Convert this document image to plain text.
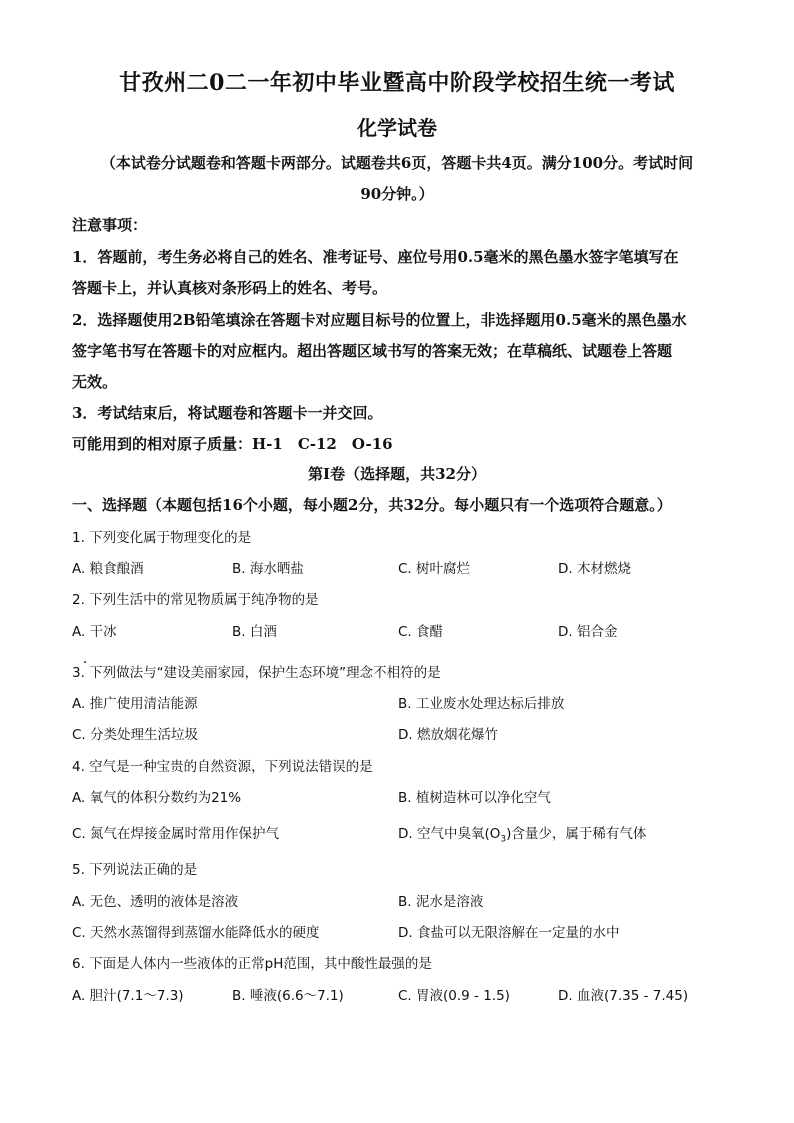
甘孜州二0二一年初中毕业暨高中阶段学校招生统一考试
化学试卷
（本试卷分试题卷和答题卡两部分。试题卷共6页，答题卡共4页。满分100分。考试时间
90分钟。）
注意事项：
1．答题前，考生务必将自己的姓名、准考证号、座位号用0.5毫米的黑色墨水签字笔填写在
答题卡上，并认真核对条形码上的姓名、考号。
2．选择题使用2B铅笔填涂在答题卡对应题目标号的位置上，非选择题用0.5毫米的黑色墨水
签字笔书写在答题卡的对应框内。超出答题区域书写的答案无效；在草稿纸、试题卷上答题
无效。
3．考试结束后，将试题卷和答题卡一并交回。
可能用到的相对原子质量：H-1　C-12　O-16
第Ⅰ卷（选择题，共32分）
一、选择题（本题包括16个小题，每小题2分，共32分。每小题只有一个选项符合题意。）
1. 下列变化属于物理变化的是
A. 粮食酿酒	B. 海水晒盐	C. 树叶腐烂	D. 木材燃烧
2. 下列生活中的常见物质属于纯净物的是
A. 干冰	B. 白酒	C. 食醋	D. 铝合金
3. 下列做法与“建设美丽家园，保护生态环境”理念不相符的是
A. 推广使用清洁能源	B. 工业废水处理达标后排放
C. 分类处理生活垃圾	D. 燃放烟花爆竹
4. 空气是一种宝贵的自然资源，下列说法错误的是
A. 氧气的体积分数约为21%	B. 植树造林可以净化空气
C. 氮气在焊接金属时常用作保护气	D. 空气中臭氧$(O_3)$含量少，属于稀有气体
5. 下列说法正确的是
A. 无色、透明的液体是溶液	B. 泥水是溶液
C. 天然水蒸馏得到蒸馏水能降低水的硬度	D. 食盐可以无限溶解在一定量的水中
6. 下面是人体内一些液体的正常pH范围，其中酸性最强的是
A. 胆汁(7.1～7.3)	B. 唾液(6.6～7.1)	C. 胃液(0.9 - 1.5)	D. 血液(7.35 - 7.45)
